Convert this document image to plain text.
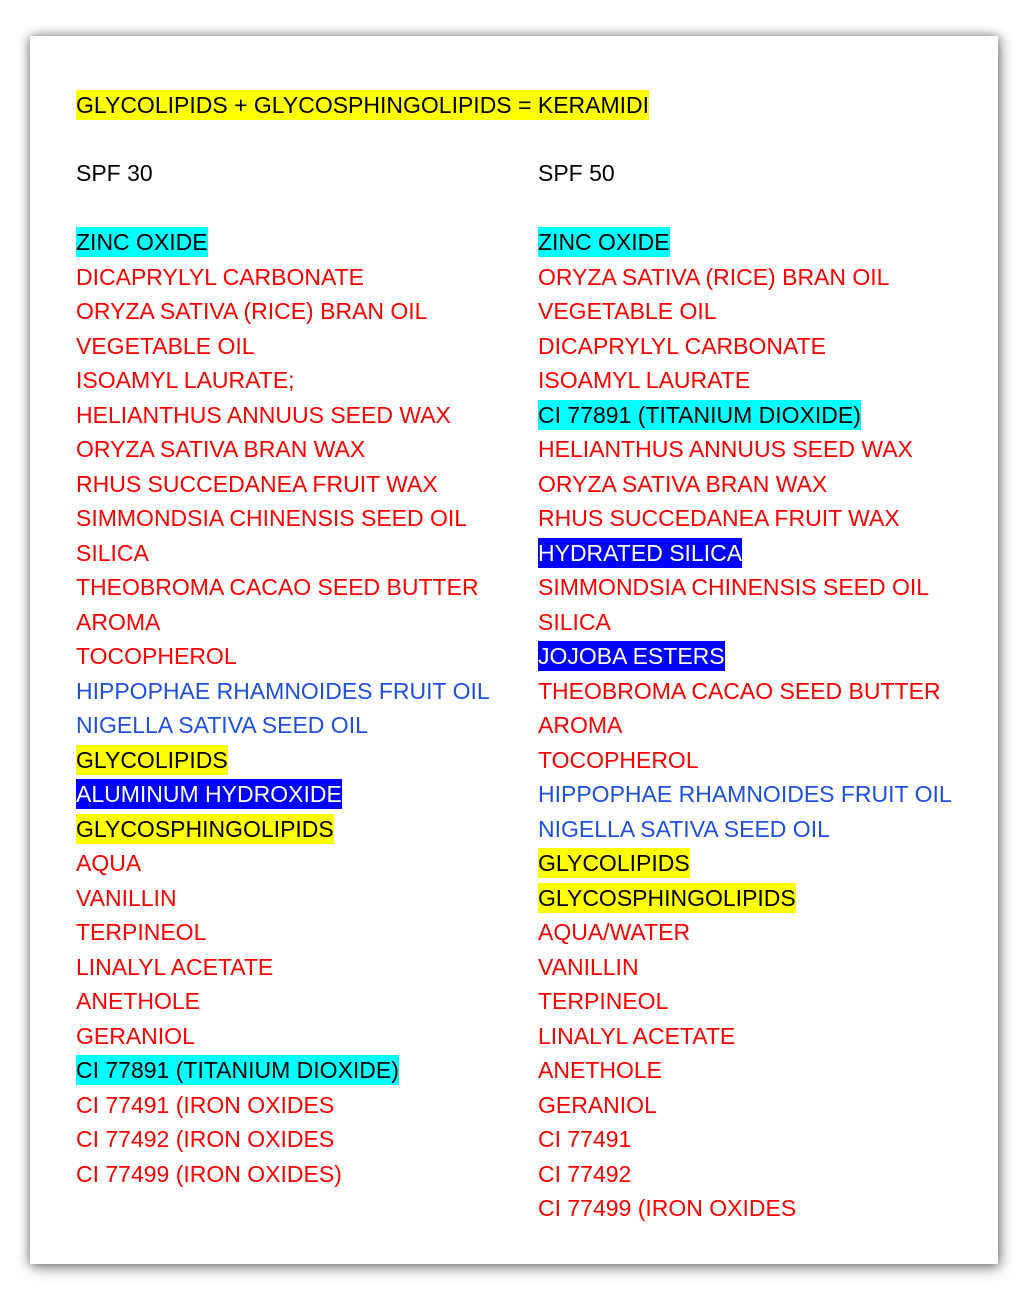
GLYCOLIPIDS + GLYCOSPHINGOLIPIDS = KERAMIDI
SPF 30
ZINC OXIDE
DICAPRYLYL CARBONATE
ORYZA SATIVA (RICE) BRAN OIL
VEGETABLE OIL
ISOAMYL LAURATE;
HELIANTHUS ANNUUS SEED WAX
ORYZA SATIVA BRAN WAX
RHUS SUCCEDANEA FRUIT WAX
SIMMONDSIA CHINENSIS SEED OIL
SILICA
THEOBROMA CACAO SEED BUTTER
AROMA
TOCOPHEROL
HIPPOPHAE RHAMNOIDES FRUIT OIL
NIGELLA SATIVA SEED OIL
GLYCOLIPIDS
ALUMINUM HYDROXIDE
GLYCOSPHINGOLIPIDS
AQUA
VANILLIN
TERPINEOL
LINALYL ACETATE
ANETHOLE
GERANIOL
CI 77891 (TITANIUM DIOXIDE)
CI 77491 (IRON OXIDES
CI 77492 (IRON OXIDES
CI 77499 (IRON OXIDES)
SPF 50
ZINC OXIDE
ORYZA SATIVA (RICE) BRAN OIL
VEGETABLE OIL
DICAPRYLYL CARBONATE
ISOAMYL LAURATE
CI 77891 (TITANIUM DIOXIDE)
HELIANTHUS ANNUUS SEED WAX
ORYZA SATIVA BRAN WAX
RHUS SUCCEDANEA FRUIT WAX
HYDRATED SILICA
SIMMONDSIA CHINENSIS SEED OIL
SILICA
JOJOBA ESTERS
THEOBROMA CACAO SEED BUTTER
AROMA
TOCOPHEROL
HIPPOPHAE RHAMNOIDES FRUIT OIL
NIGELLA SATIVA SEED OIL
GLYCOLIPIDS
GLYCOSPHINGOLIPIDS
AQUA/WATER
VANILLIN
TERPINEOL
LINALYL ACETATE
ANETHOLE
GERANIOL
CI 77491
CI 77492
CI 77499 (IRON OXIDES
